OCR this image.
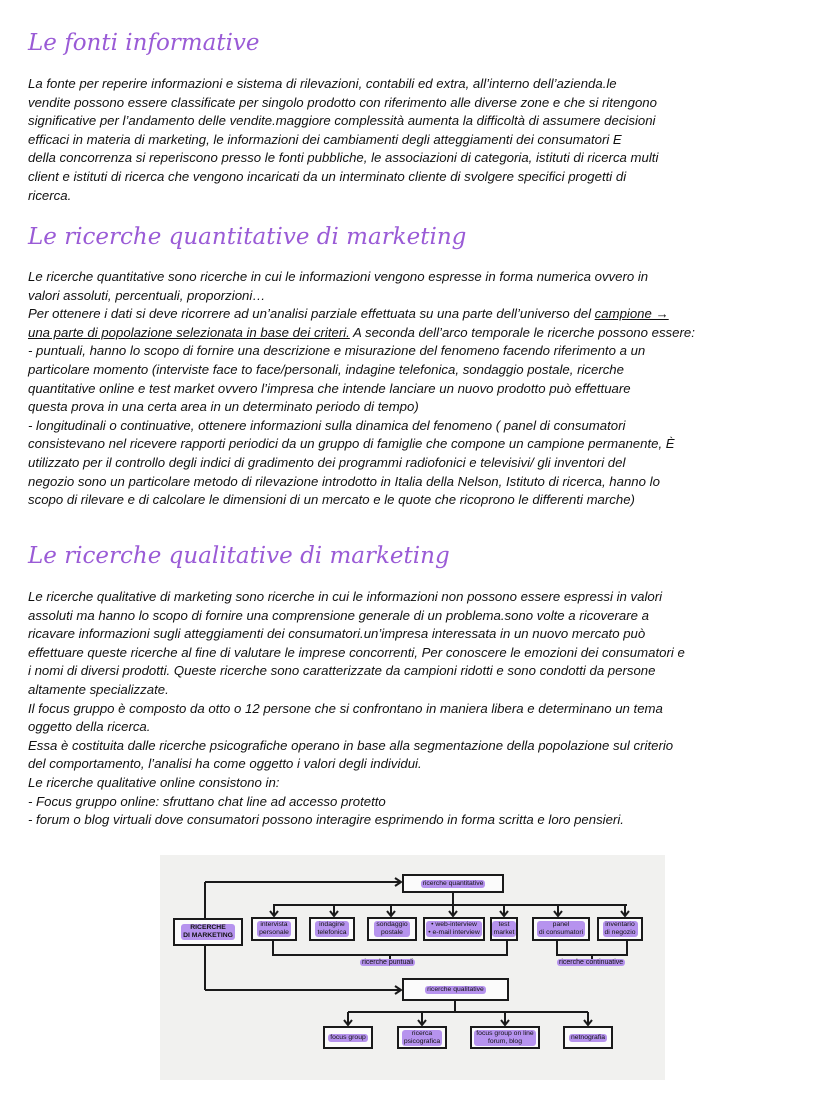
Le fonti informative
La fonte per reperire informazioni e sistema di rilevazioni, contabili ed extra, all’interno dell’azienda.le
vendite possono essere classificate per singolo prodotto con riferimento alle diverse zone e che si ritengono
significative per l’andamento delle vendite.maggiore complessità aumenta la difficoltà di assumere decisioni
efficaci in materia di marketing, le informazioni dei cambiamenti degli atteggiamenti dei consumatori E
della concorrenza si reperiscono presso le fonti pubbliche, le associazioni di categoria, istituti di ricerca multi
client e istituti di ricerca che vengono incaricati da un interminato cliente di svolgere specifici progetti di
ricerca.
Le ricerche quantitative di marketing
Le ricerche quantitative sono ricerche in cui le informazioni vengono espresse in forma numerica ovvero in
valori assoluti, percentuali, proporzioni…
Per ottenere i dati si deve ricorrere ad un’analisi parziale effettuata su una parte dell’universo del campione →
una parte di popolazione selezionata in base dei criteri. A seconda dell’arco temporale le ricerche possono essere:
- puntuali, hanno lo scopo di fornire una descrizione e misurazione del fenomeno facendo riferimento a un
particolare momento (interviste face to face/personali, indagine telefonica, sondaggio postale, ricerche
quantitative online e test market ovvero l’impresa che intende lanciare un nuovo prodotto può effettuare
questa prova in una certa area in un determinato periodo di tempo)
- longitudinali o continuative, ottenere informazioni sulla dinamica del fenomeno ( panel di consumatori
consistevano nel ricevere rapporti periodici da un gruppo di famiglie che compone un campione permanente, È
utilizzato per il controllo degli indici di gradimento dei programmi radiofonici e televisivi/ gli inventori del
negozio sono un particolare metodo di rilevazione introdotto in Italia della Nelson, Istituto di ricerca, hanno lo
scopo di rilevare e di calcolare le dimensioni di un mercato e le quote che ricoprono le differenti marche)
Le ricerche qualitative di marketing
Le ricerche qualitative di marketing sono ricerche in cui le informazioni non possono essere espressi in valori
assoluti ma hanno lo scopo di fornire una comprensione generale di un problema.sono volte a ricoverare a
ricavare informazioni sugli atteggiamenti dei consumatori.un’impresa interessata in un nuovo mercato può
effettuare queste ricerche al fine di valutare le imprese concorrenti, Per conoscere le emozioni dei consumatori e
i nomi di diversi prodotti. Queste ricerche sono caratterizzate da campioni ridotti e sono condotti da persone
altamente specializzate.
Il focus gruppo è composto da otto o 12 persone che si confrontano in maniera libera e determinano un tema
oggetto della ricerca.
Essa è costituita dalle ricerche psicografiche operano in base alla segmentazione della popolazione sul criterio
del comportamento, l’analisi ha come oggetto i valori degli individui.
Le ricerche qualitative online consistono in:
- Focus gruppo online: sfruttano chat line ad accesso protetto
- forum o blog virtuali dove consumatori possono interagire esprimendo in forma scritta e loro pensieri.
RICERCHE
DI MARKETING
ricerche quantitative
ricerche qualitative
intervista
personale
indagine
telefonica
sondaggio
postale
• web-interview
• e-mail interview
test
market
panel
di consumatori
inventario
di negozio
focus group
ricerca
psicografica
focus group on line
forum, blog
netnografia
ricerche puntuali	ricerche continuative
